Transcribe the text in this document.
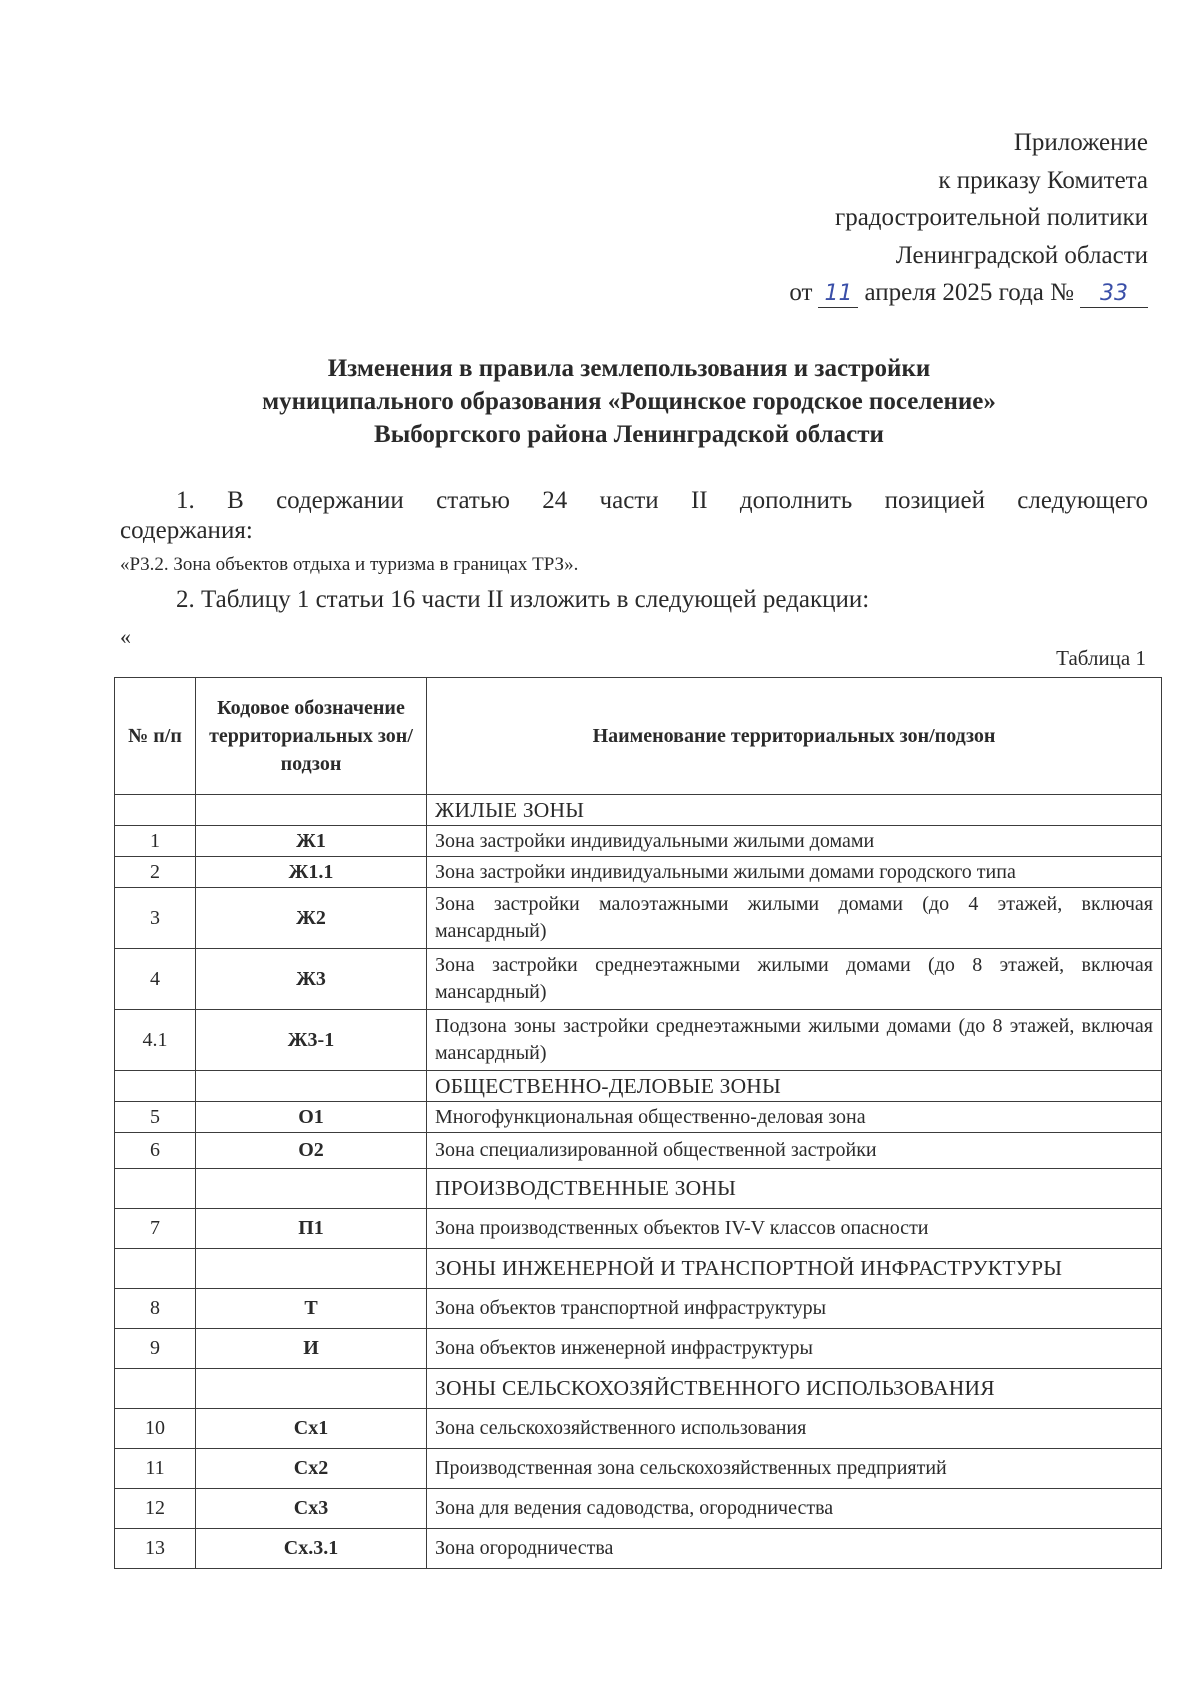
Приложение
к приказу Комитета
градостроительной политики
Ленинградской области
от 11 апреля 2025 года № 33
Изменения в правила землепользования и застройки
муниципального образования «Рощинское городское поселение»
Выборгского района Ленинградской области
1. В содержании статью 24 части II дополнить позицией следующего
содержания:
«Р3.2. Зона объектов отдыха и туризма в границах ТРЗ».
2. Таблицу 1 статьи 16 части II изложить в следующей редакции:
«
Таблица 1
№ п/п	Кодовое обозначение территориальных зон/подзон	Наименование территориальных зон/подзон
		ЖИЛЫЕ ЗОНЫ
1	Ж1	Зона застройки индивидуальными жилыми домами
2	Ж1.1	Зона застройки индивидуальными жилыми домами городского типа
3	Ж2	Зона застройки малоэтажными жилыми домами (до 4 этажей, включая мансардный)
4	Ж3	Зона застройки среднеэтажными жилыми домами (до 8 этажей, включая мансардный)
4.1	Ж3-1	Подзона зоны застройки среднеэтажными жилыми домами (до 8 этажей, включая мансардный)
		ОБЩЕСТВЕННО-ДЕЛОВЫЕ ЗОНЫ
5	О1	Многофункциональная общественно-деловая зона
6	О2	Зона специализированной общественной застройки
		ПРОИЗВОДСТВЕННЫЕ ЗОНЫ
7	П1	Зона производственных объектов IV-V классов опасности
		ЗОНЫ ИНЖЕНЕРНОЙ И ТРАНСПОРТНОЙ ИНФРАСТРУКТУРЫ
8	Т	Зона объектов транспортной инфраструктуры
9	И	Зона объектов инженерной инфраструктуры
		ЗОНЫ СЕЛЬСКОХОЗЯЙСТВЕННОГО ИСПОЛЬЗОВАНИЯ
10	Сх1	Зона сельскохозяйственного использования
11	Сх2	Производственная зона сельскохозяйственных предприятий
12	Сх3	Зона для ведения садоводства, огородничества
13	Сх.3.1	Зона огородничества
